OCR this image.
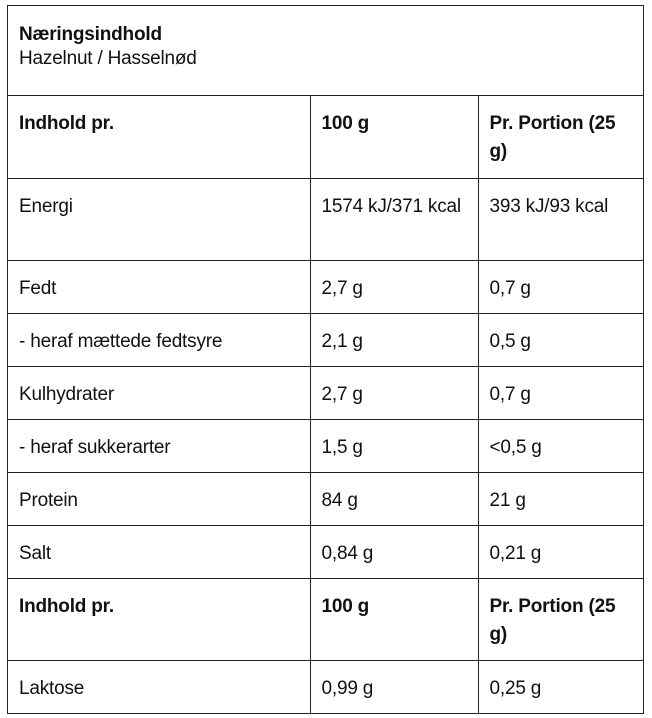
Næringsindhold
Hazelnut / Hasselnød
Indhold pr.	100 g	Pr. Portion (25 g)
Energi	1574 kJ/371 kcal	393 kJ/93 kcal
Fedt	2,7 g	0,7 g
- heraf mættede fedtsyre	2,1 g	0,5 g
Kulhydrater	2,7 g	0,7 g
- heraf sukkerarter	1,5 g	<0,5 g
Protein	84 g	21 g
Salt	0,84 g	0,21 g
Indhold pr.	100 g	Pr. Portion (25 g)
Laktose	0,99 g	0,25 g
